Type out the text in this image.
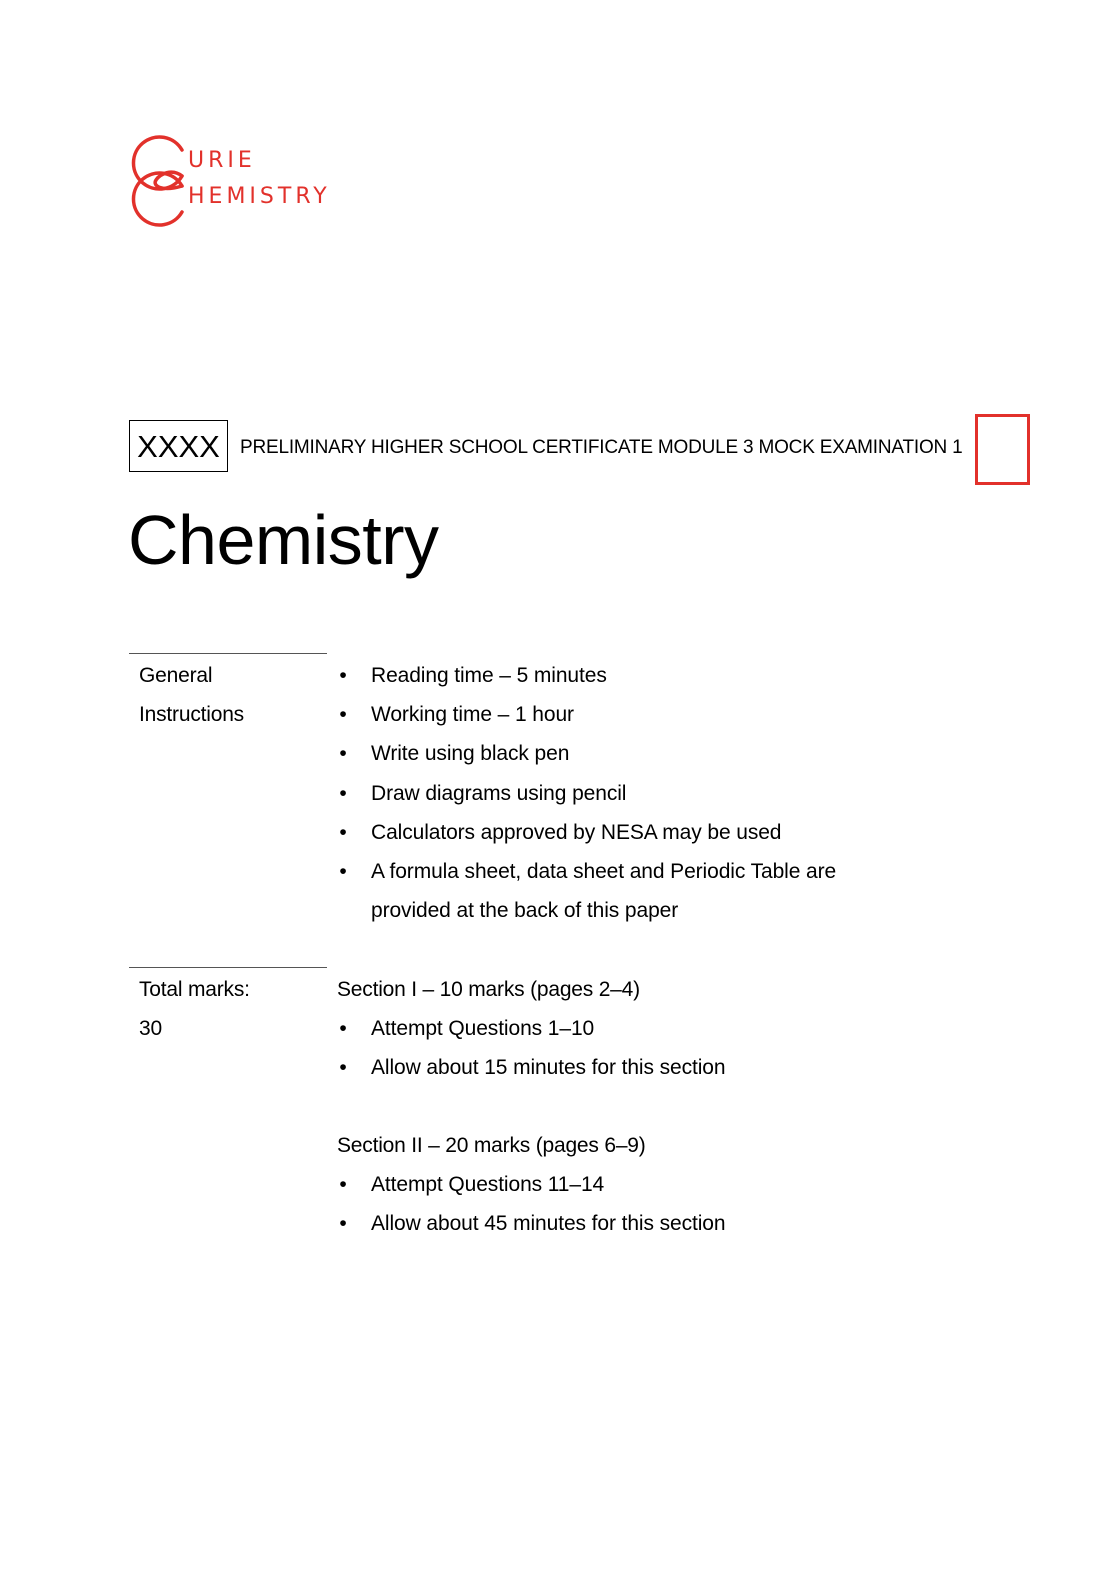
URIE
HEMISTRY
XXXX	PRELIMINARY HIGHER SCHOOL CERTIFICATE MODULE 3 MOCK EXAMINATION 1
Chemistry
General
Instructions
• Reading time – 5 minutes
• Working time – 1 hour
• Write using black pen
• Draw diagrams using pencil
• Calculators approved by NESA may be used
• A formula sheet, data sheet and Periodic Table are
provided at the back of this paper
Total marks:
30
Section I – 10 marks (pages 2–4)
• Attempt Questions 1–10
• Allow about 15 minutes for this section
Section II – 20 marks (pages 6–9)
• Attempt Questions 11–14
• Allow about 45 minutes for this section
